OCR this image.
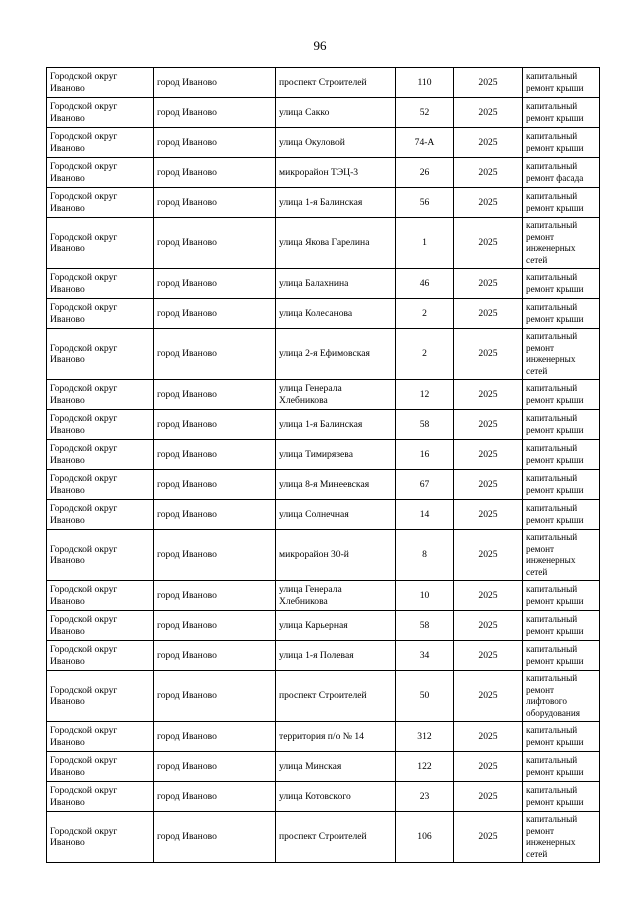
96
Городской округ Иваново	город Иваново	проспект Строителей	110	2025	капитальный ремонт крыши
Городской округ Иваново	город Иваново	улица Сакко	52	2025	капитальный ремонт крыши
Городской округ Иваново	город Иваново	улица Окуловой	74-А	2025	капитальный ремонт крыши
Городской округ Иваново	город Иваново	микрорайон ТЭЦ-3	26	2025	капитальный ремонт фасада
Городской округ Иваново	город Иваново	улица 1-я Балинская	56	2025	капитальный ремонт крыши
Городской округ Иваново	город Иваново	улица Якова Гарелина	1	2025	капитальный ремонт инженерных сетей
Городской округ Иваново	город Иваново	улица Балахнина	46	2025	капитальный ремонт крыши
Городской округ Иваново	город Иваново	улица Колесанова	2	2025	капитальный ремонт крыши
Городской округ Иваново	город Иваново	улица 2-я Ефимовская	2	2025	капитальный ремонт инженерных сетей
Городской округ Иваново	город Иваново	улица Генерала Хлебникова	12	2025	капитальный ремонт крыши
Городской округ Иваново	город Иваново	улица 1-я Балинская	58	2025	капитальный ремонт крыши
Городской округ Иваново	город Иваново	улица Тимирязева	16	2025	капитальный ремонт крыши
Городской округ Иваново	город Иваново	улица 8-я Минеевская	67	2025	капитальный ремонт крыши
Городской округ Иваново	город Иваново	улица Солнечная	14	2025	капитальный ремонт крыши
Городской округ Иваново	город Иваново	микрорайон 30-й	8	2025	капитальный ремонт инженерных сетей
Городской округ Иваново	город Иваново	улица Генерала Хлебникова	10	2025	капитальный ремонт крыши
Городской округ Иваново	город Иваново	улица Карьерная	58	2025	капитальный ремонт крыши
Городской округ Иваново	город Иваново	улица 1-я Полевая	34	2025	капитальный ремонт крыши
Городской округ Иваново	город Иваново	проспект Строителей	50	2025	капитальный ремонт лифтового оборудования
Городской округ Иваново	город Иваново	территория п/о № 14	312	2025	капитальный ремонт крыши
Городской округ Иваново	город Иваново	улица Минская	122	2025	капитальный ремонт крыши
Городской округ Иваново	город Иваново	улица Котовского	23	2025	капитальный ремонт крыши
Городской округ Иваново	город Иваново	проспект Строителей	106	2025	капитальный ремонт инженерных сетей
